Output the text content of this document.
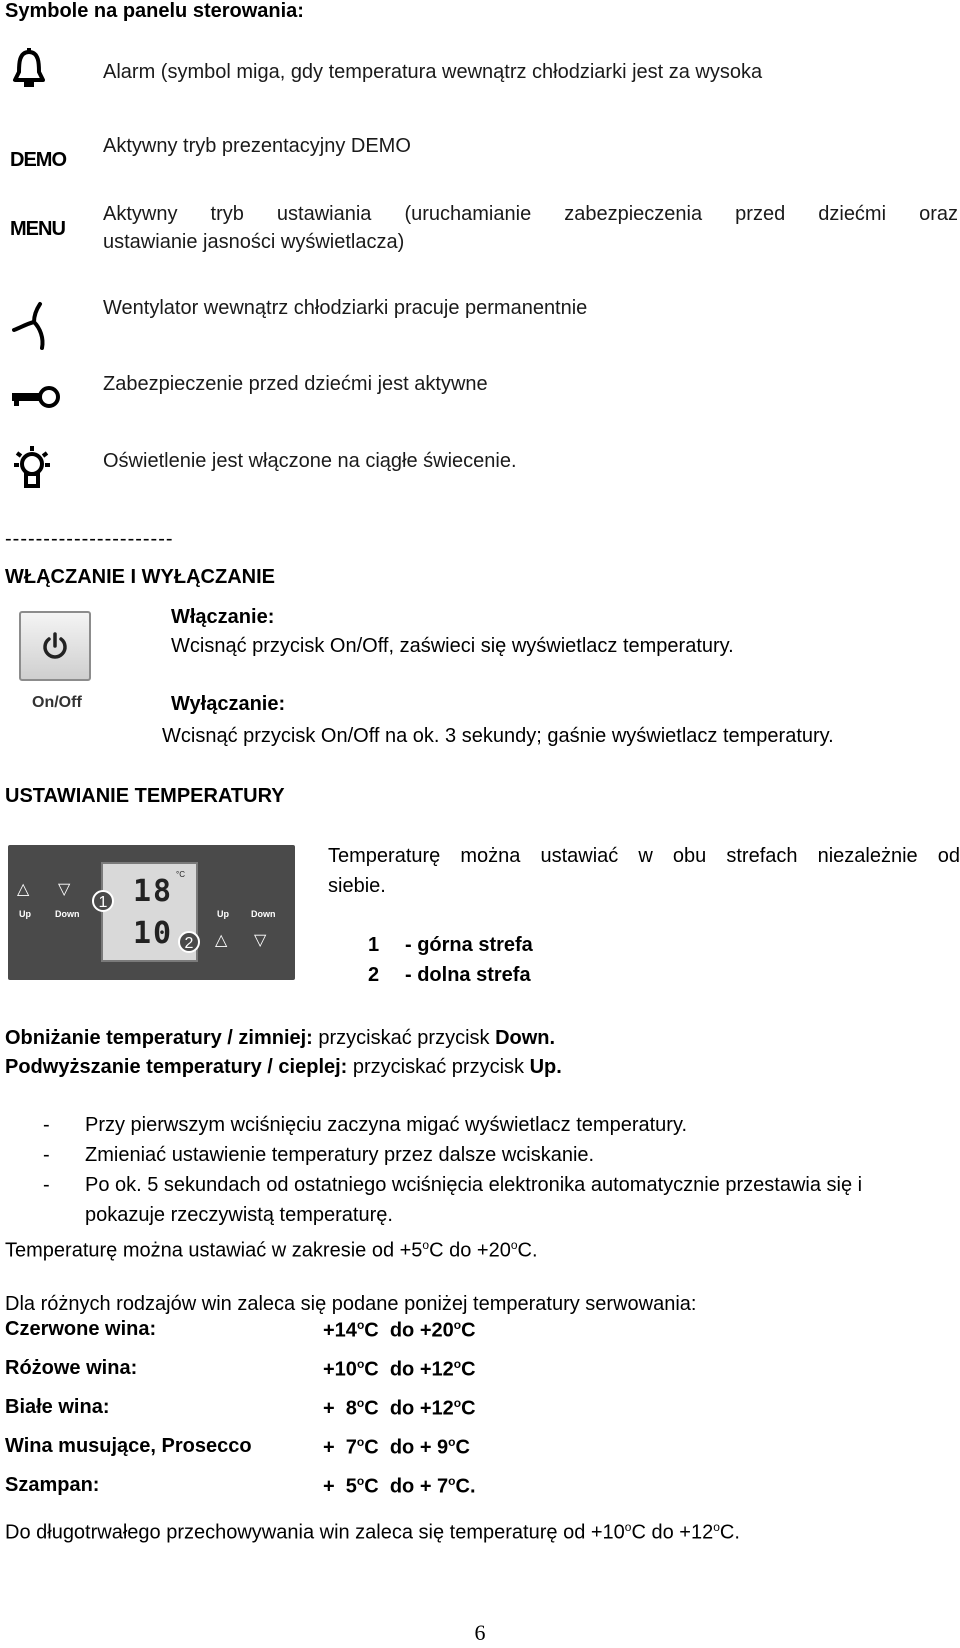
Symbole na panelu sterowania:
Alarm (symbol miga, gdy temperatura wewnątrz chłodziarki jest za wysoka
DEMO
Aktywny tryb prezentacyjny DEMO
MENU
Aktywny tryb ustawiania (uruchamianie zabezpieczenia przed dziećmi oraz
ustawianie jasności wyświetlacza)
Wentylator wewnątrz chłodziarki pracuje permanentnie
Zabezpieczenie przed dziećmi jest aktywne
Oświetlenie jest włączone na ciągłe świecenie.
----------------------
WŁĄCZANIE I WYŁĄCZANIE
On/Off
Włączanie:
Wcisnąć przycisk On/Off, zaświeci się wyświetlacz temperatury.
Wyłączanie:
Wcisnąć przycisk On/Off na ok. 3 sekundy; gaśnie wyświetlacz temperatury.
USTAWIANIE TEMPERATURY
△ ▽
Up	Down
18 °C
10
1
2
Up Down
△ ▽
Temperaturę można ustawiać w obu strefach niezależnie od
siebie.
1 - górna strefa
2 - dolna strefa
Obniżanie temperatury / zimniej: przyciskać przycisk Down.
Podwyższanie temperatury / cieplej: przyciskać przycisk Up.
- Przy pierwszym wciśnięciu zaczyna migać wyświetlacz temperatury.
- Zmieniać ustawienie temperatury przez dalsze wciskanie.
- Po ok. 5 sekundach od ostatniego wciśnięcia elektronika automatycznie przestawia się i
pokazuje rzeczywistą temperaturę.
Temperaturę można ustawiać w zakresie od $+5^oC$ do $+20^oC$.
Dla różnych rodzajów win zaleca się podane poniżej temperatury serwowania:
Czerwone wina:	$+14^oC$  do $+20^oC$
Różowe wina:	$+10^oC$  do $+12^oC$
Białe wina:	+  8$^o$C  do $+12^oC$
Wina musujące, Prosecco	+  7$^o$C  do + $9^oC$
Szampan:	+  5$^o$C  do + $7^oC$.
Do długotrwałego przechowywania win zaleca się temperaturę od $+10^oC$ do $+12^oC$.
6
